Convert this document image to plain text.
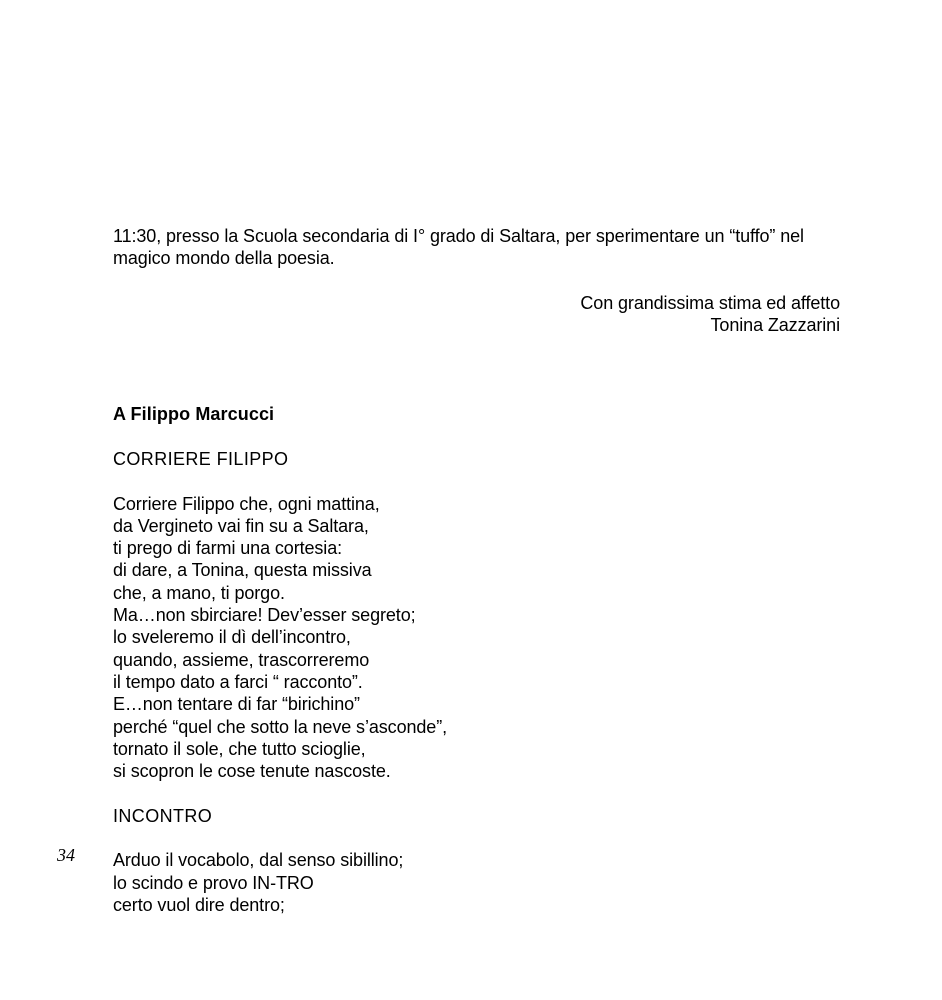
11:30, presso la Scuola secondaria di I° grado di Saltara, per sperimentare un “tuffo” nel magico mondo della poesia.

Con grandissima stima ed affetto
Tonina Zazzarini

A Filippo Marcucci

CORRIERE FILIPPO

Corriere Filippo che, ogni mattina,
da Vergineto vai fin su a Saltara,
ti prego di farmi una cortesia:
di dare, a Tonina, questa missiva
che, a mano, ti porgo.
Ma…non sbirciare! Dev’esser segreto;
lo sveleremo il dì dell’incontro,
quando, assieme, trascorreremo
il tempo dato a farci “ racconto”.
E…non tentare di far “birichino”
perché “quel che sotto la neve s’asconde”,
tornato il sole, che tutto scioglie,
si scopron le cose tenute nascoste.

INCONTRO

Arduo il vocabolo, dal senso sibillino;
lo scindo e provo IN-TRO
certo vuol dire dentro;
34
